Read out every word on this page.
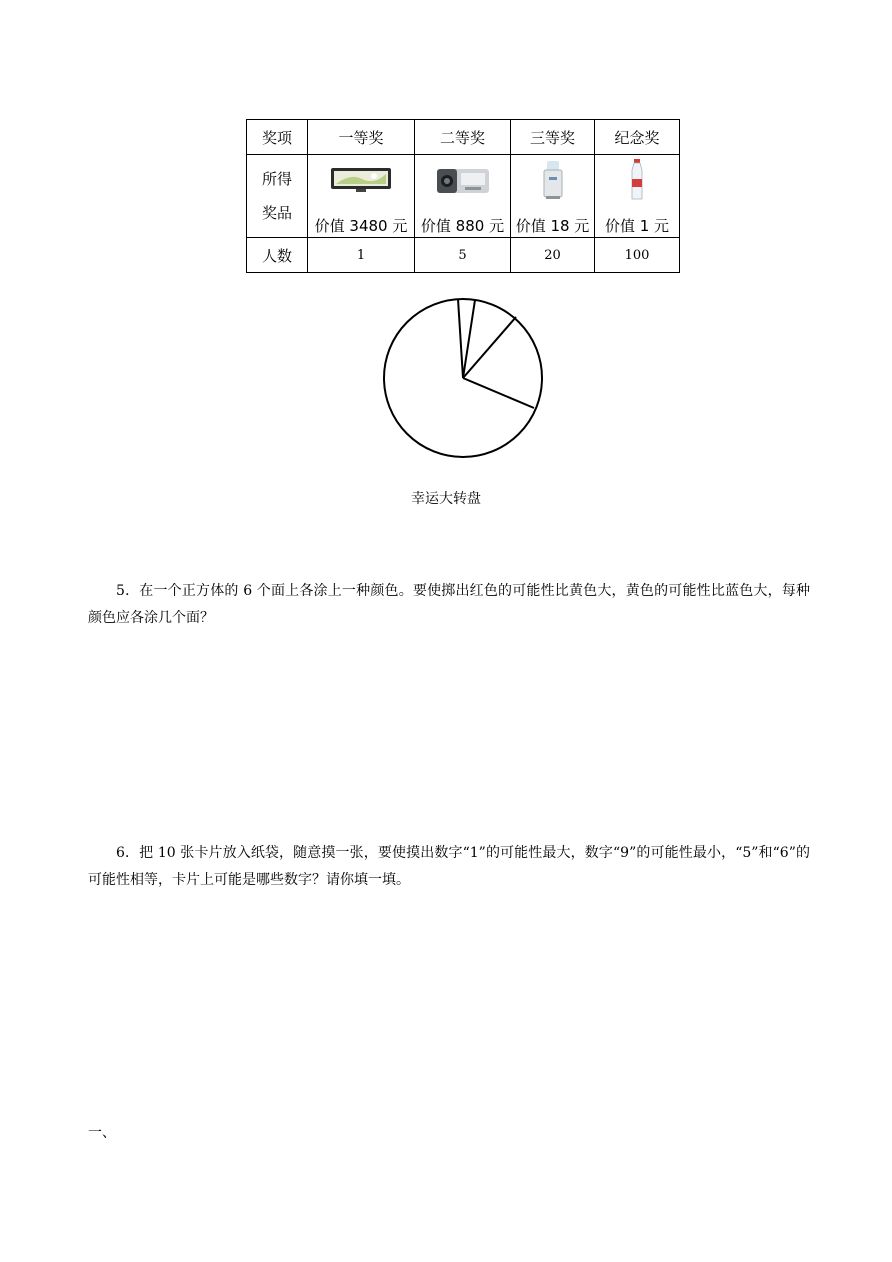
奖项	一等奖	二等奖	三等奖	纪念奖

所得
奖品	价值 3480 元	价值 880 元	价值 18 元	价值 1 元

人数	1	5	20	100
幸运大转盘

5．在一个正方体的 6 个面上各涂上一种颜色。要使掷出红色的可能性比黄色大，黄色的可能性比蓝色大，每种颜色应各涂几个面？

6．把 10 张卡片放入纸袋，随意摸一张，要使摸出数字“1”的可能性最大，数字“9”的可能性最小，“5”和“6”的可能性相等，卡片上可能是哪些数字？请你填一填。

一、
